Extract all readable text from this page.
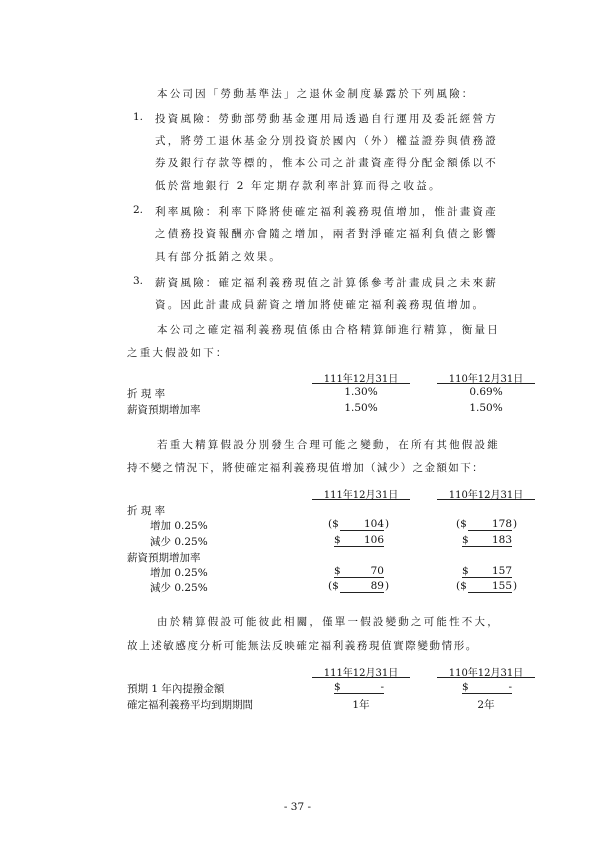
本公司因「勞動基準法」之退休金制度暴露於下列風險：
1. 投資風險：勞動部勞動基金運用局透過自行運用及委託經營方
式，將勞工退休基金分別投資於國內（外）權益證券與債務證
券及銀行存款等標的，惟本公司之計畫資產得分配金額係以不
低於當地銀行 2 年定期存款利率計算而得之收益。
2. 利率風險：利率下降將使確定福利義務現值增加，惟計畫資產
之債務投資報酬亦會隨之增加，兩者對淨確定福利負債之影響
具有部分抵銷之效果。
3. 薪資風險：確定福利義務現值之計算係參考計畫成員之未來薪
資。因此計畫成員薪資之增加將使確定福利義務現值增加。
本公司之確定福利義務現值係由合格精算師進行精算，衡量日
之重大假設如下：
111年12月31日	110年12月31日
折 現 率	1.30%	0.69%
薪資預期增加率	1.50%	1.50%
若重大精算假設分別發生合理可能之變動，在所有其他假設維
持不變之情況下，將使確定福利義務現值增加（減少）之金額如下：
111年12月31日	110年12月31日
折 現 率
增加 0.25%	($	104 )	($	178 )
減少 0.25%	$	106	$	183
薪資預期增加率
增加 0.25%	$	70	$	157
減少 0.25%	($	89 )	($	155 )
由於精算假設可能彼此相關，僅單一假設變動之可能性不大，
故上述敏感度分析可能無法反映確定福利義務現值實際變動情形。
111年12月31日	110年12月31日
預期 1 年內提撥金額	$	-	$	-
確定福利義務平均到期期間	1年	2年
- 37 -
